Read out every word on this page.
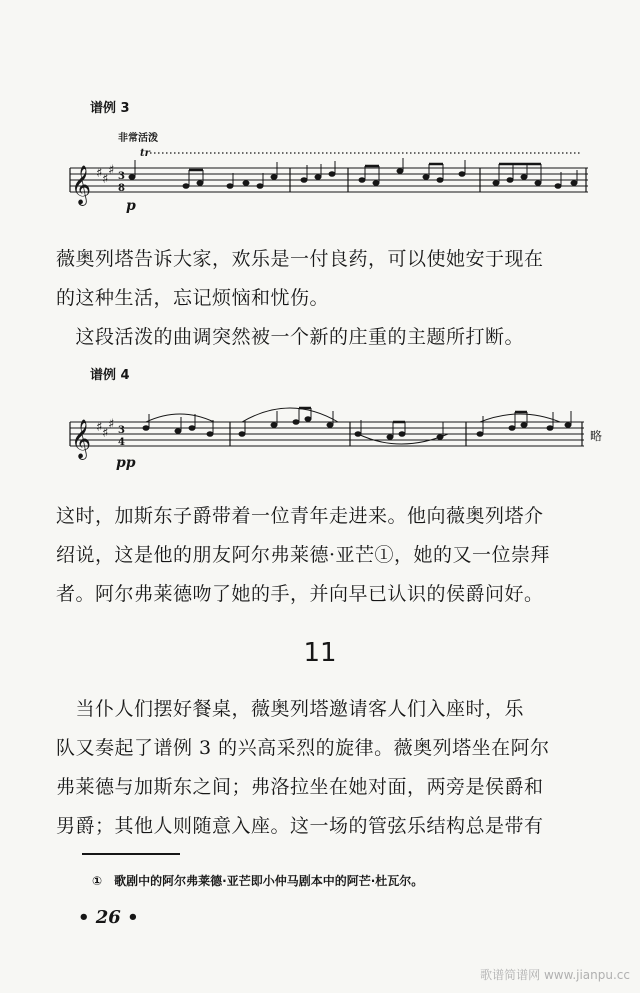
谱例 3
非常活泼
tr
𝄞 ♯ ♯
♯ 3
8
p

薇奥列塔告诉大家，欢乐是一付良药，可以使她安于现在
的这种生活，忘记烦恼和忧伤。
　这段活泼的曲调突然被一个新的庄重的主题所打断。

谱例 4
𝄞 ♯ ♯
♯ 3
4
pp
略

这时，加斯东子爵带着一位青年走进来。他向薇奥列塔介
绍说，这是他的朋友阿尔弗莱德·亚芒①，她的又一位崇拜
者。阿尔弗莱德吻了她的手，并向早已认识的侯爵问好。

11

　当仆人们摆好餐桌，薇奥列塔邀请客人们入座时，乐
队又奏起了谱例 3 的兴高采烈的旋律。薇奥列塔坐在阿尔
弗莱德与加斯东之间；弗洛拉坐在她对面，两旁是侯爵和
男爵；其他人则随意入座。这一场的管弦乐结构总是带有

①　歌剧中的阿尔弗莱德·亚芒即小仲马剧本中的阿芒·杜瓦尔。
• 26 •
歌谱简谱网 www.jianpu.cc
